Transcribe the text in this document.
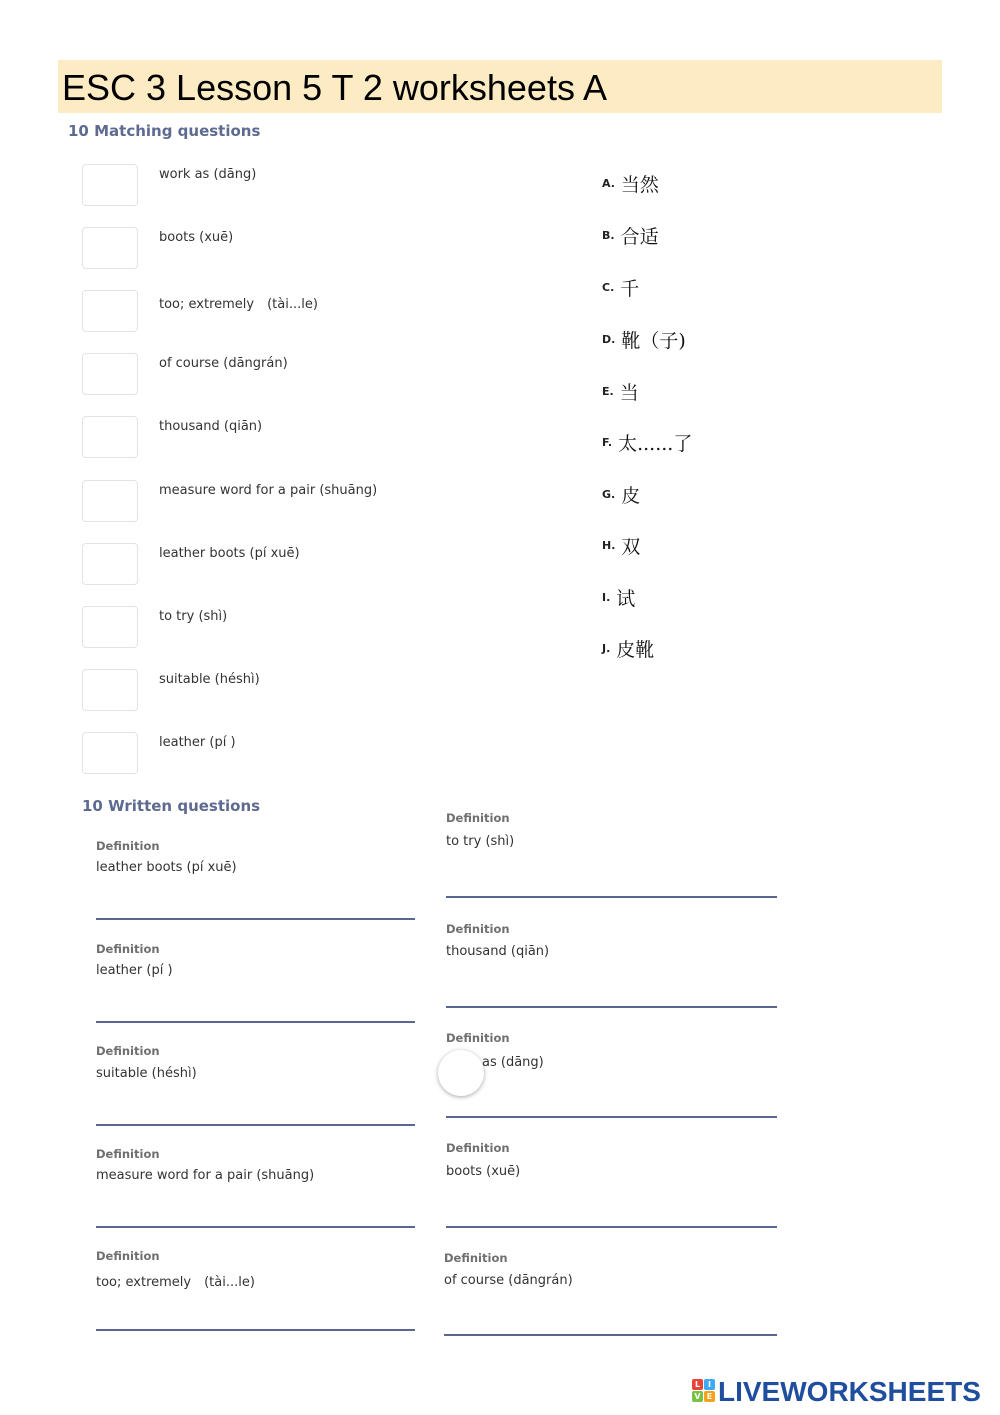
ESC 3 Lesson 5 T 2 worksheets A
10 Matching questions
work as (dāng)
boots (xuē)
too; extremely　(tài...le)
of course (dāngrán)
thousand (qiān)
measure word for a pair (shuāng)
leather boots (pí xuē)
to try (shì)
suitable (héshì)
leather (pí )
A. 当然
B. 合适
C. 千
D. 靴（子)
E. 当
F. 太......了
G. 皮
H. 双
I. 试
J. 皮靴
10 Written questions
Definition
leather boots (pí xuē)
Definition
leather (pí )
Definition
suitable (héshì)
Definition
measure word for a pair (shuāng)
Definition
too; extremely　(tài...le)
Definition
to try (shì)
Definition
thousand (qiān)
Definition
as (dāng)
Definition
boots (xuē)
Definition
of course (dāngrán)
L I
V E LIVEWORKSHEETS
